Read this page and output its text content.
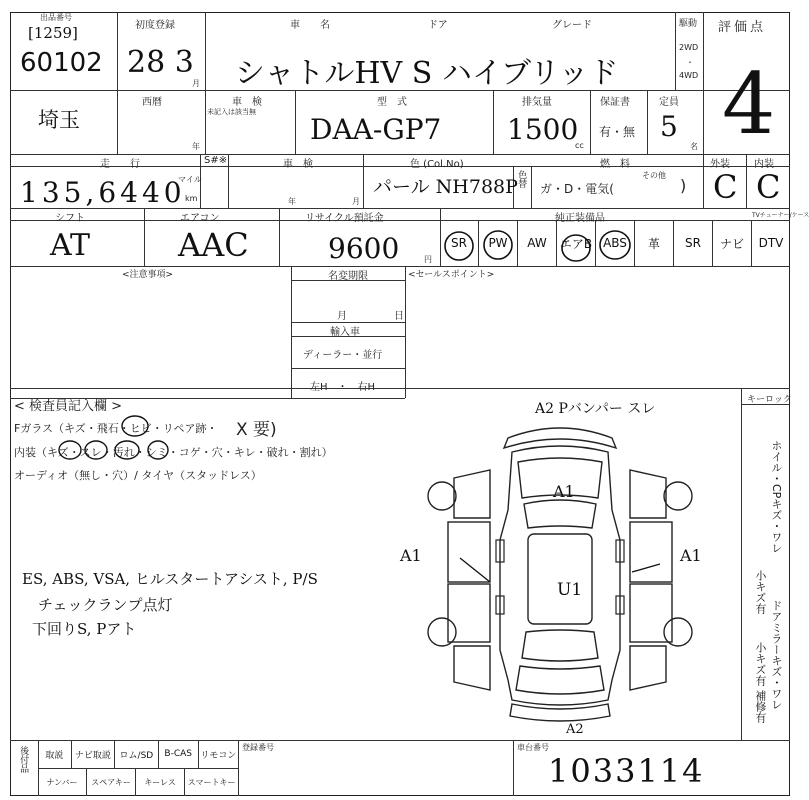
出品番号
[1259]
60102
初度登録
28 3
月
車　　名	ドア	グレード
シャトルHV S ハイブリッド
駆動
2WD
・
4WD
評価点
4
埼玉
西暦
年
車　検
未記入は該当無
型　式
DAA-GP7
排気量
1500
cc
保証書
有・無
定員
5
名
走　　行	S#※
135,6440
マイル
km
車　検
年	月
色 (Col.No)
パール NH788P
色替
燃　料
ガ・D・電気(
その他
)
外装
C
内装
C
シフト
AT
エアコン
AAC
リサイクル預託金
9600	円
純正装備品	TVチューナー/ケース
SR PW AW エアB ABS 革 SR ナビ DTV
<注意事項>	名変期限
月	日
輸入車
ディーラー・並行
左H　・　右H
<セールスポイント>
< 検査員記入欄 >
Fガラス（キズ・飛石・ヒビ・リペア跡・ X 要)
内装（キズ・スレ・汚れ・シミ・コゲ・穴・キレ・破れ・割れ）
オーディオ（無し・穴）/ タイヤ（スタッドレス）
ES, ABS, VSA, ヒルスタートアシスト, P/S
チェックランプ点灯
下回りS, Pアト
キーロック
A2 Pバンパー スレ
A1
A1	A1
U1
ホイル・CPキズ・ワレ
小キズ有
小キズ有 ドアミラーキズ・ワレ
補修有
後付品 取説 ナビ取説 ロム/SD B-CAS リモコン
ナンバー スペアキー キーレス スマートキー
登録番号	車台番号
A2
1033114
